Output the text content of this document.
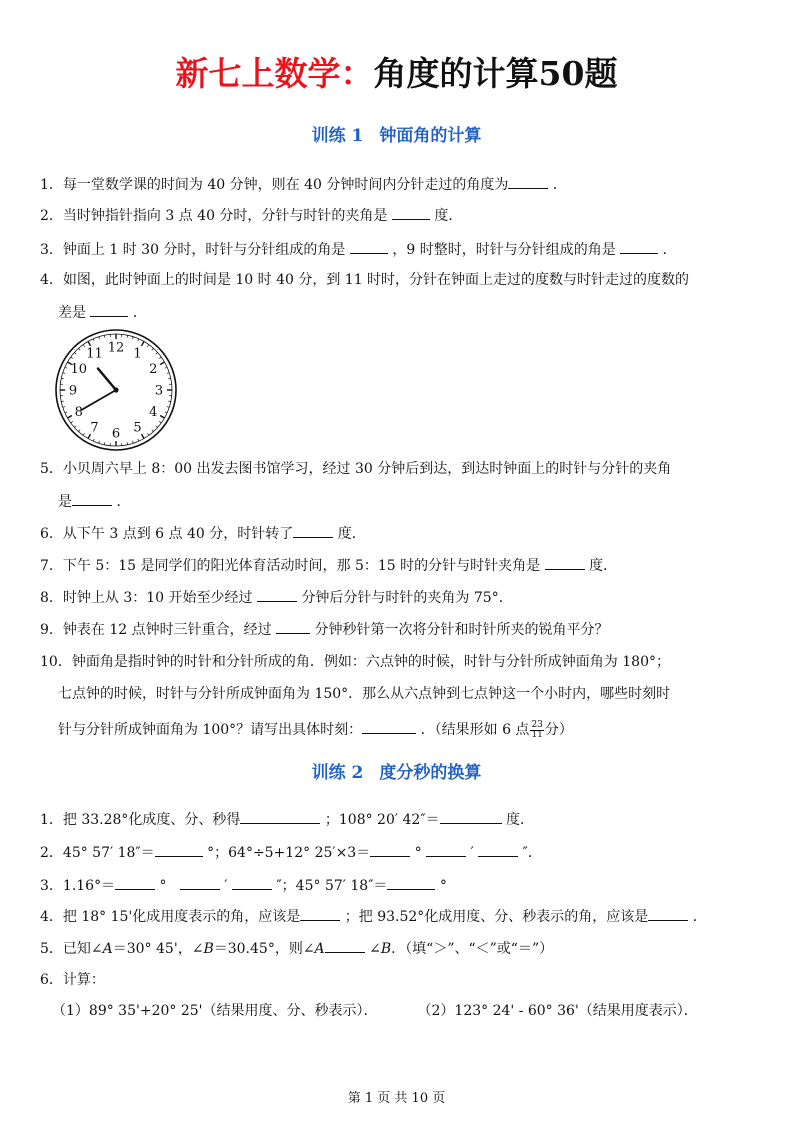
新七上数学：角度的计算50题
训练 1 钟面角的计算
1．每一堂数学课的时间为 40 分钟，则在 40 分钟时间内分针走过的角度为	．
2．当时钟指针指向 3 点 40 分时，分针与时针的夹角是	度．
3．钟面上 1 时 30 分时，时针与分针组成的角是	，9 时整时，时针与分针组成的角是	．
4．如图，此时钟面上的时间是 10 时 40 分，到 11 时时，分针在钟面上走过的度数与时针走过的度数的
差是	．
12 1
2
3
4
5
6
7
8
9
10
11
5．小贝周六早上 8：00 出发去图书馆学习，经过 30 分钟后到达，到达时钟面上的时针与分针的夹角
是	．
6．从下午 3 点到 6 点 40 分，时针转了	度．
7．下午 5：15 是同学们的阳光体育活动时间，那 5：15 时的分针与时针夹角是	度．
8．时钟上从 3：10 开始至少经过	分钟后分针与时针的夹角为 75°．
9．钟表在 12 点钟时三针重合，经过	分钟秒针第一次将分针和时针所夹的锐角平分？
10．钟面角是指时钟的时针和分针所成的角．例如：六点钟的时候，时针与分针所成钟面角为 180°；
七点钟的时候，时针与分针所成钟面角为 150°．那么从六点钟到七点钟这一个小时内，哪些时刻时
针与分针所成钟面角为 100°？请写出具体时刻：	．（结果形如 6 点 $\frac{23}{11}$ 分）
训练 2 度分秒的换算
1．把 33.28°化成度、分、秒得	；108° 20′ 42″＝	度．
2．45° 57′ 18″＝	°；64°÷5+12° 25′×3＝	°	′	″．
3．1.16°＝	°	′	″；45° 57′ 18″＝	°
4．把 18° 15'化成用度表示的角，应该是	；把 93.52°化成用度、分、秒表示的角，应该是	．
5．已知∠A＝30° 45'，∠B＝30.45°，则∠A	∠B．（填“＞”、“＜”或“＝”）
6．计算：
（1）89° 35'+20° 25'（结果用度、分、秒表示）．	（2）123° 24' - 60° 36'（结果用度表示）．
第 1 页 共 10 页
